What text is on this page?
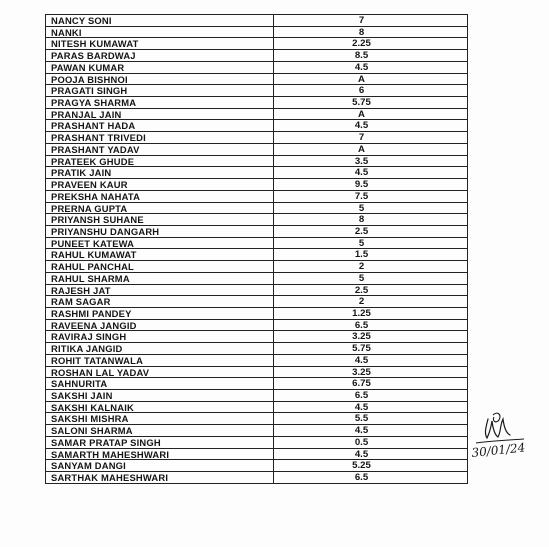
NANCY SONI	7
NANKI	8
NITESH KUMAWAT	2.25
PARAS BARDWAJ	8.5
PAWAN KUMAR	4.5
POOJA BISHNOI	A
PRAGATI SINGH	6
PRAGYA SHARMA	5.75
PRANJAL JAIN	A
PRASHANT HADA	4.5
PRASHANT TRIVEDI	7
PRASHANT YADAV	A
PRATEEK GHUDE	3.5
PRATIK JAIN	4.5
PRAVEEN KAUR	9.5
PREKSHA NAHATA	7.5
PRERNA GUPTA	5
PRIYANSH SUHANE	8
PRIYANSHU DANGARH	2.5
PUNEET KATEWA	5
RAHUL KUMAWAT	1.5
RAHUL PANCHAL	2
RAHUL SHARMA	5
RAJESH JAT	2.5
RAM SAGAR	2
RASHMI PANDEY	1.25
RAVEENA JANGID	6.5
RAVIRAJ SINGH	3.25
RITIKA JANGID	5.75
ROHIT TATANWALA	4.5
ROSHAN LAL YADAV	3.25
SAHNURITA	6.75
SAKSHI JAIN	6.5
SAKSHI KALNAIK	4.5
SAKSHI MISHRA	5.5
SALONI SHARMA	4.5
SAMAR PRATAP SINGH	0.5
SAMARTH MAHESHWARI	4.5
SANYAM DANGI	5.25
SARTHAK MAHESHWARI	6.5
30/01/24
